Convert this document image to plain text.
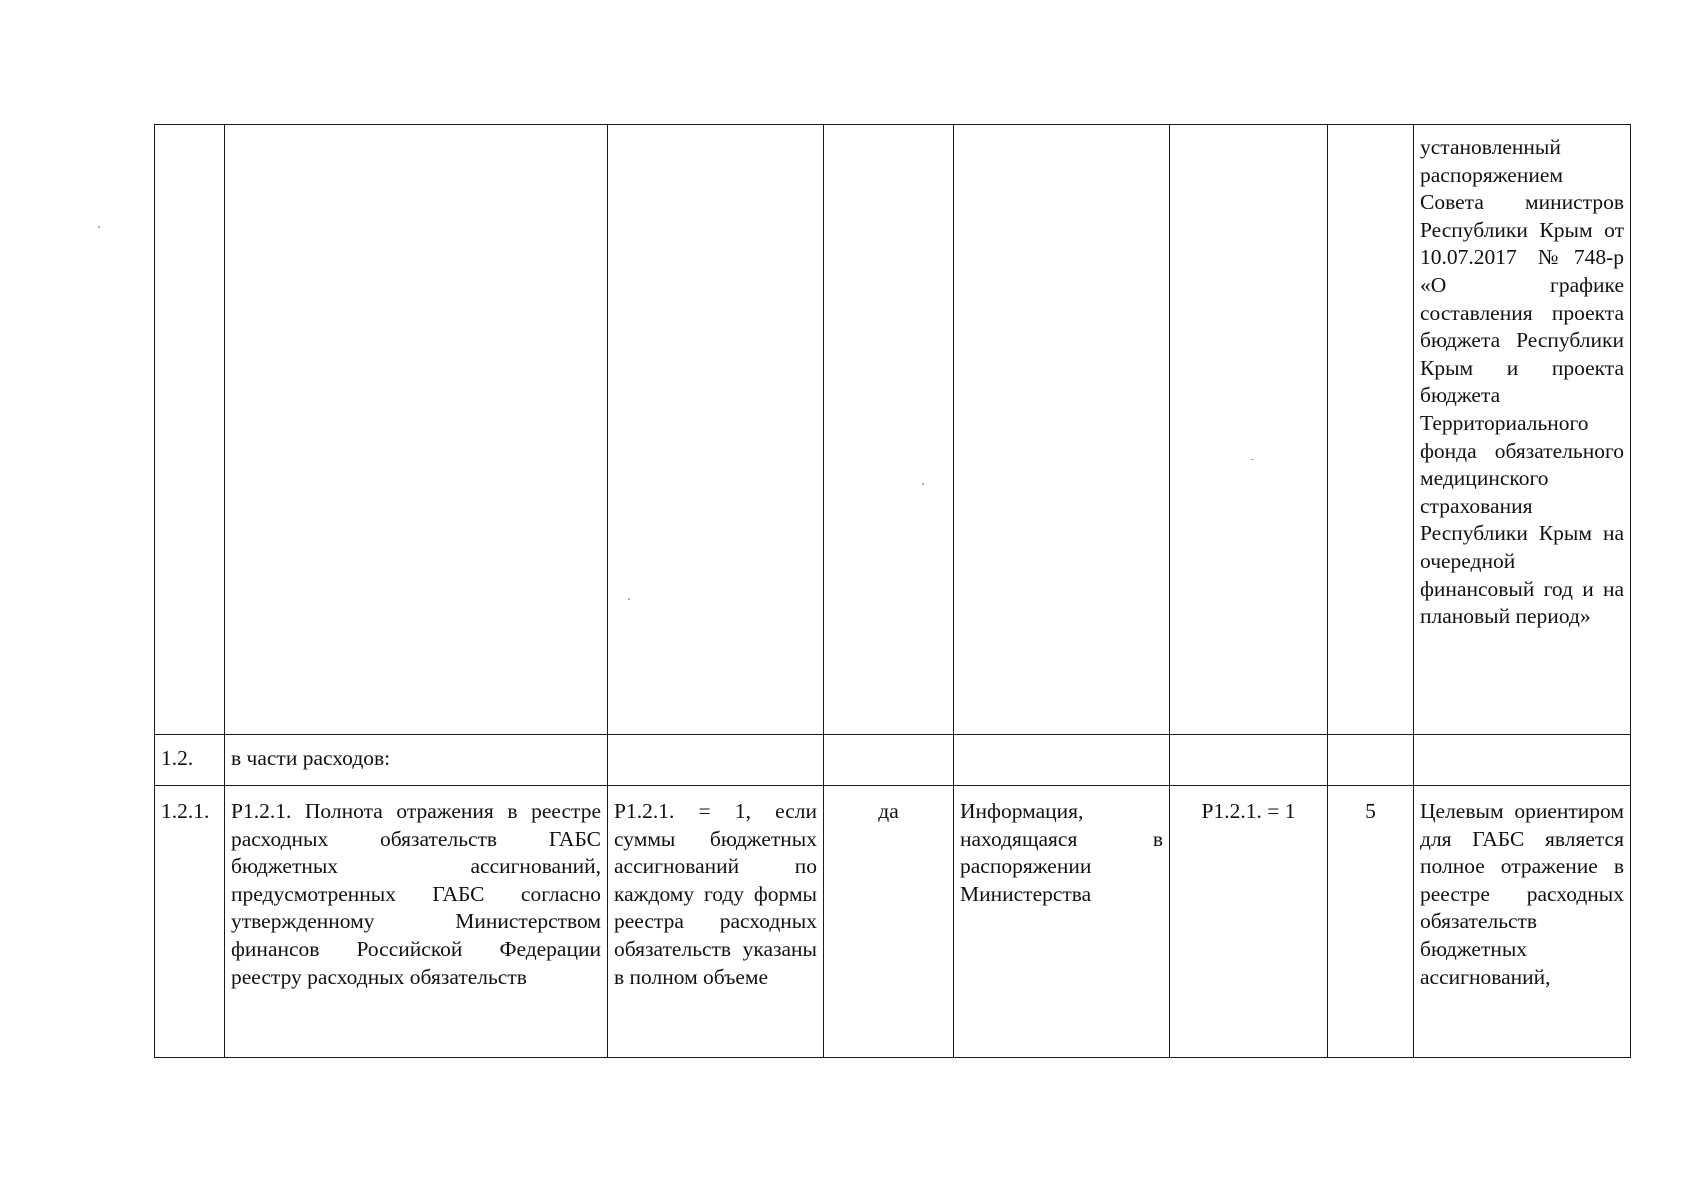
							установленный распоряжением Совета министров Республики Крым от 10.07.2017 №748-р «О графике составления проекта бюджета Республики Крым и проекта бюджета Территориального фонда обязательного медицинского страхования Республики Крым на очередной финансовый год и на плановый период»
1.2.	в части расходов:						
1.2.1.	Р1.2.1. Полнота отражения в реестре расходных обязательств ГАБС бюджетных ассигнований, предусмотренных ГАБС согласно утвержденному Министерством финансов Российской Федерации реестру расходных обязательств	Р1.2.1. = 1, если суммы бюджетных ассигнований по каждому году формы реестра расходных обязательств указаны в полном объеме	да	Информация, находящаяся в распоряжении Министерства	Р1.2.1. = 1	5	Целевым ориентиром для ГАБС является полное отражение в реестре расходных обязательств бюджетных ассигнований,
